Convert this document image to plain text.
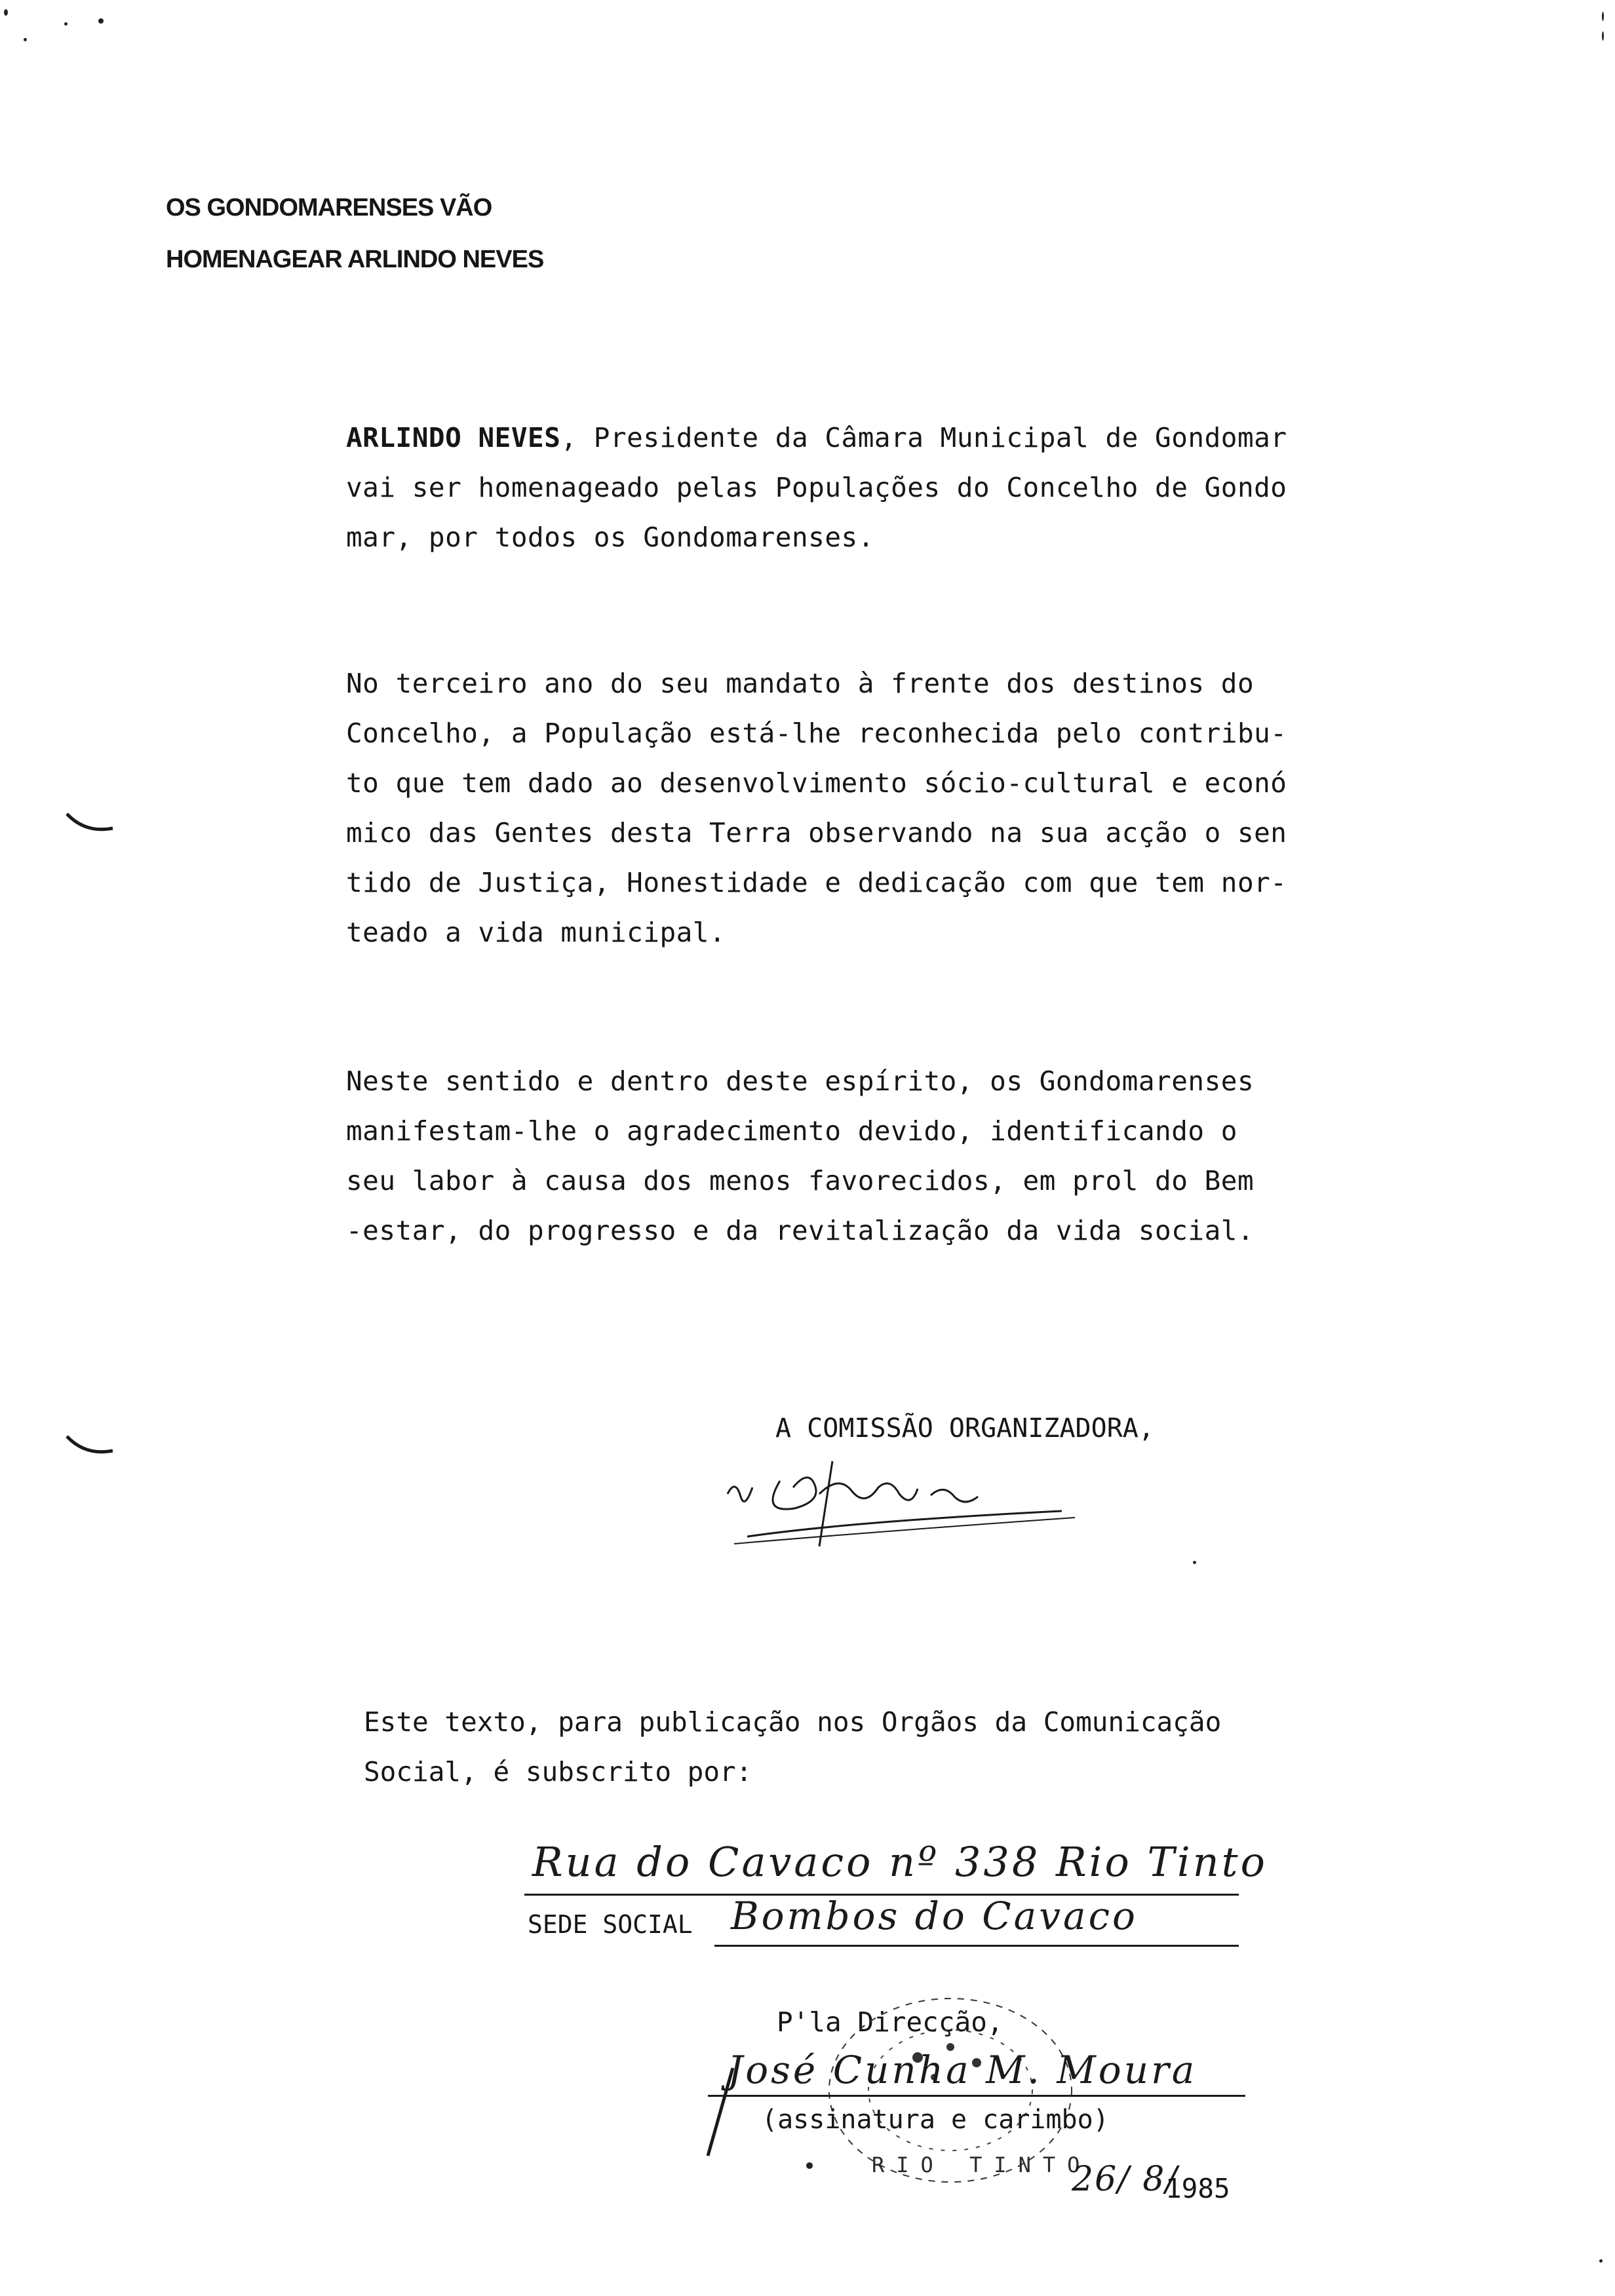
OS GONDOMARENSES VÃO
HOMENAGEAR ARLINDO NEVES
ARLINDO NEVES, Presidente da Câmara Municipal de Gondomar
vai ser homenageado pelas Populações do Concelho de Gondo
mar, por todos os Gondomarenses.
No terceiro ano do seu mandato à frente dos destinos do
Concelho, a População está-lhe reconhecida pelo contribu-
to que tem dado ao desenvolvimento sócio-cultural e econó
mico das Gentes desta Terra observando na sua acção o sen
tido de Justiça, Honestidade e dedicação com que tem nor-
teado a vida municipal.
Neste sentido e dentro deste espírito, os Gondomarenses
manifestam-lhe o agradecimento devido, identificando o
seu labor à causa dos menos favorecidos, em prol do Bem
-estar, do progresso e da revitalização da vida social.
A COMISSÃO ORGANIZADORA,
Este texto, para publicação nos Orgãos da Comunicação
Social, é subscrito por:
Rua do Cavaco nº 338 Rio Tinto
SEDE SOCIAL Bombos do Cavaco
P'la Direcção,
José Cunha M. Moura
(assinatura e carimbo)
RIO TINTO
26/ 8/
1985
